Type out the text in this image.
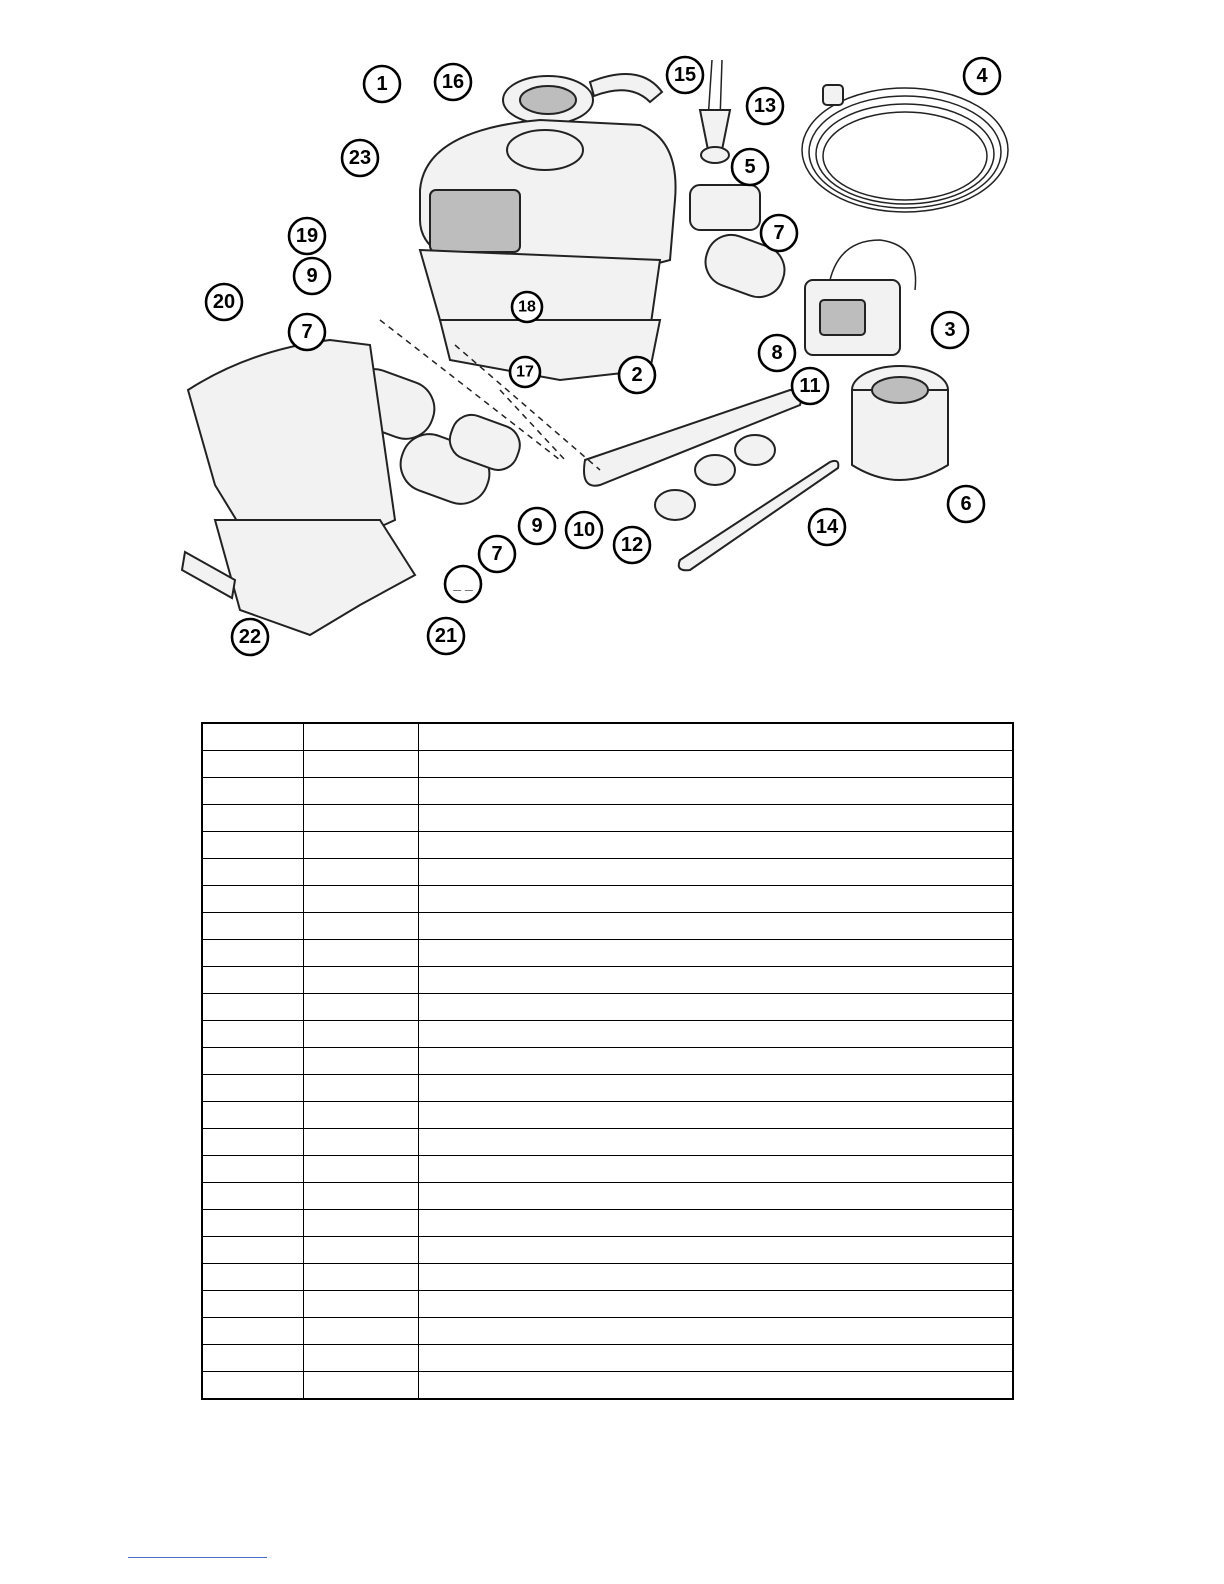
1
2
3
4
5
6
7
7
7
8
9
9 10
11
12
13
14
15
16
17
18
19
20
21
22
23
_ _
